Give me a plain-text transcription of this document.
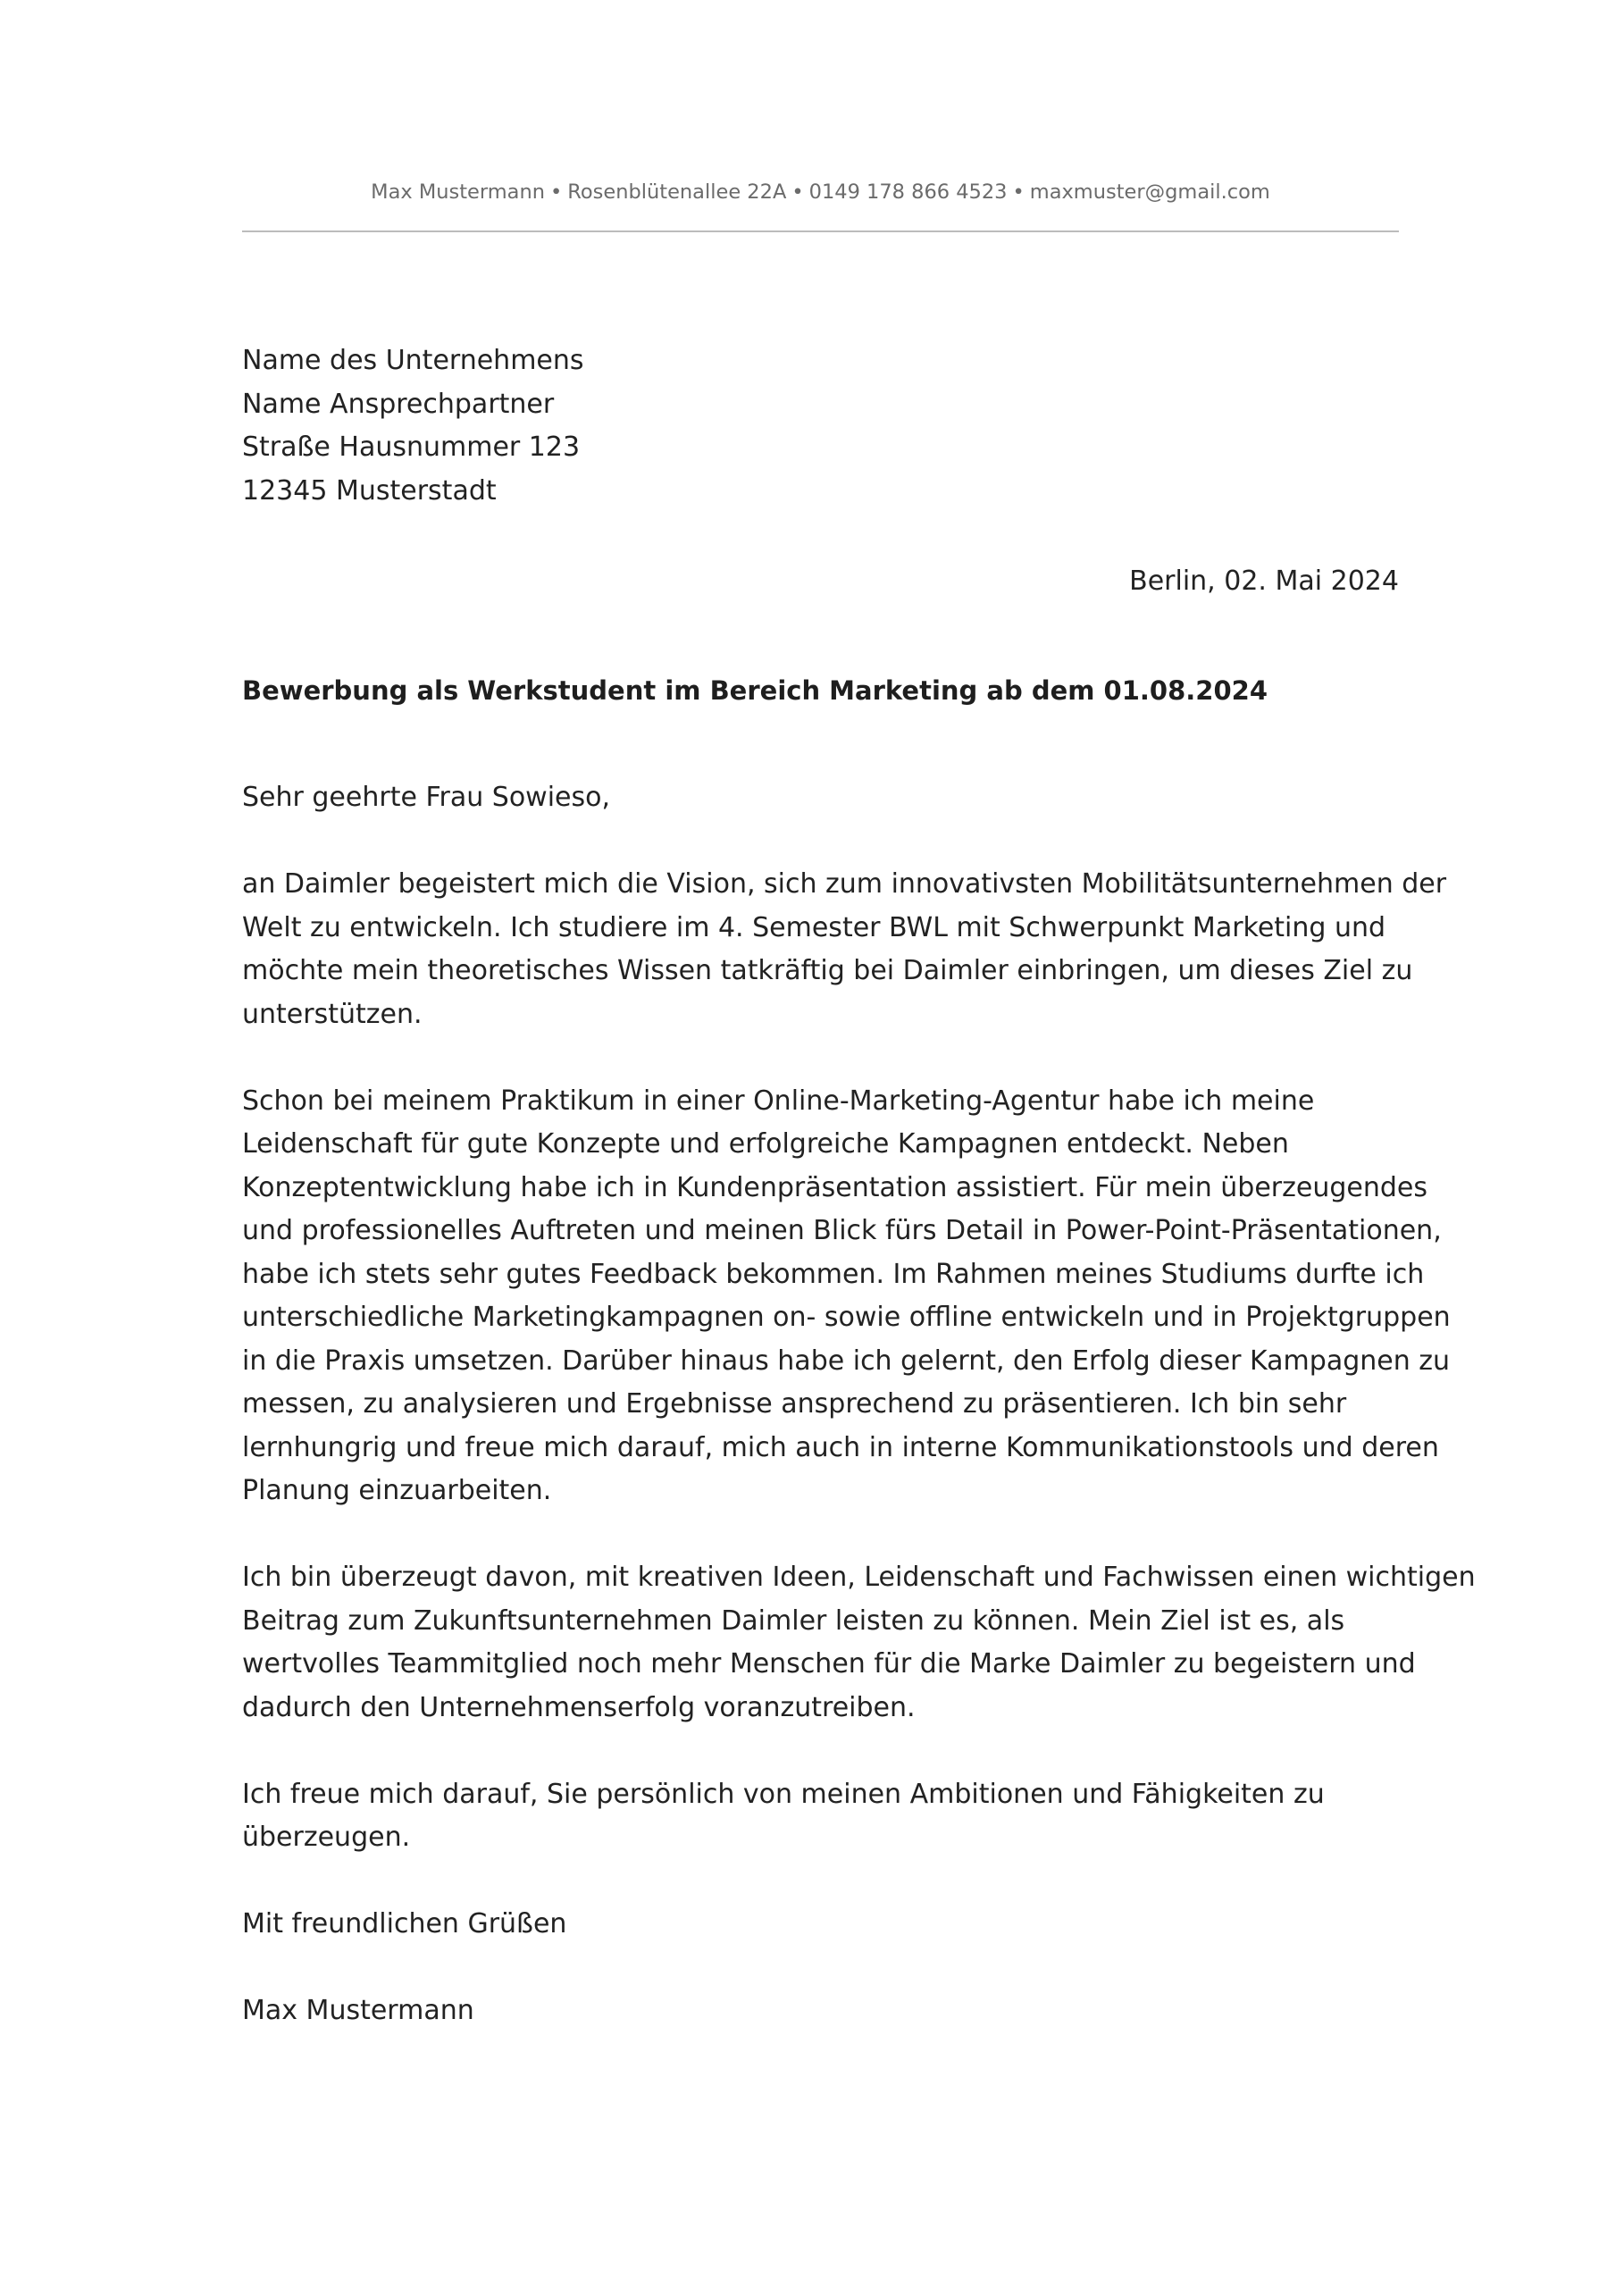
Max Mustermann • Rosenblütenallee 22A • 0149 178 866 4523 • maxmuster@gmail.com
Name des Unternehmens
Name Ansprechpartner
Straße Hausnummer 123
12345 Musterstadt
Berlin, 02. Mai 2024
Bewerbung als Werkstudent im Bereich Marketing ab dem 01.08.2024

Sehr geehrte Frau Sowieso,

an Daimler begeistert mich die Vision, sich zum innovativsten Mobilitätsunternehmen der
Welt zu entwickeln. Ich studiere im 4. Semester BWL mit Schwerpunkt Marketing und
möchte mein theoretisches Wissen tatkräftig bei Daimler einbringen, um dieses Ziel zu
unterstützen.

Schon bei meinem Praktikum in einer Online-Marketing-Agentur habe ich meine
Leidenschaft für gute Konzepte und erfolgreiche Kampagnen entdeckt. Neben
Konzeptentwicklung habe ich in Kundenpräsentation assistiert. Für mein überzeugendes
und professionelles Auftreten und meinen Blick fürs Detail in Power-Point-Präsentationen,
habe ich stets sehr gutes Feedback bekommen. Im Rahmen meines Studiums durfte ich
unterschiedliche Marketingkampagnen on- sowie offline entwickeln und in Projektgruppen
in die Praxis umsetzen. Darüber hinaus habe ich gelernt, den Erfolg dieser Kampagnen zu
messen, zu analysieren und Ergebnisse ansprechend zu präsentieren. Ich bin sehr
lernhungrig und freue mich darauf, mich auch in interne Kommunikationstools und deren
Planung einzuarbeiten.

Ich bin überzeugt davon, mit kreativen Ideen, Leidenschaft und Fachwissen einen wichtigen
Beitrag zum Zukunftsunternehmen Daimler leisten zu können. Mein Ziel ist es, als
wertvolles Teammitglied noch mehr Menschen für die Marke Daimler zu begeistern und
dadurch den Unternehmenserfolg voranzutreiben.

Ich freue mich darauf, Sie persönlich von meinen Ambitionen und Fähigkeiten zu
überzeugen.

Mit freundlichen Grüßen

Max Mustermann
